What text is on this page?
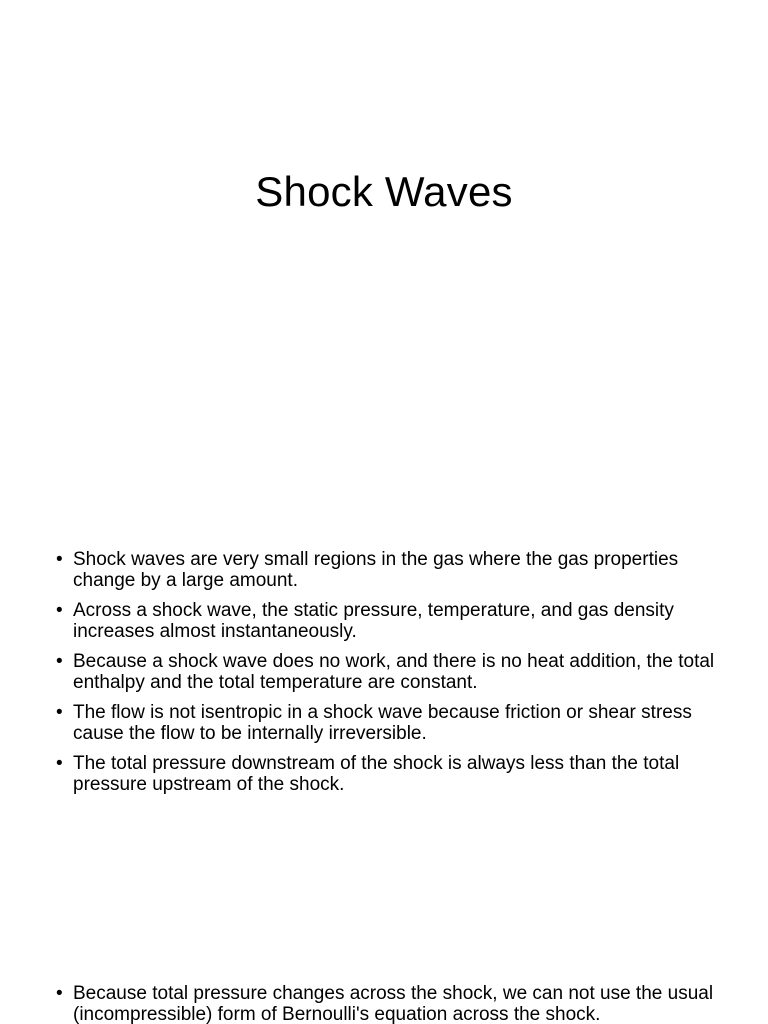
Shock Waves
• Shock waves are very small regions in the gas where the gas properties change by a large amount.
• Across a shock wave, the static pressure, temperature, and gas density increases almost instantaneously.
• Because a shock wave does no work, and there is no heat addition, the total enthalpy and the total temperature are constant.
• The flow is not isentropic in a shock wave because friction or shear stress cause the flow to be internally irreversible.
• The total pressure downstream of the shock is always less than the total pressure upstream of the shock.
• Because total pressure changes across the shock, we can not use the usual (incompressible) form of Bernoulli's equation across the shock.
